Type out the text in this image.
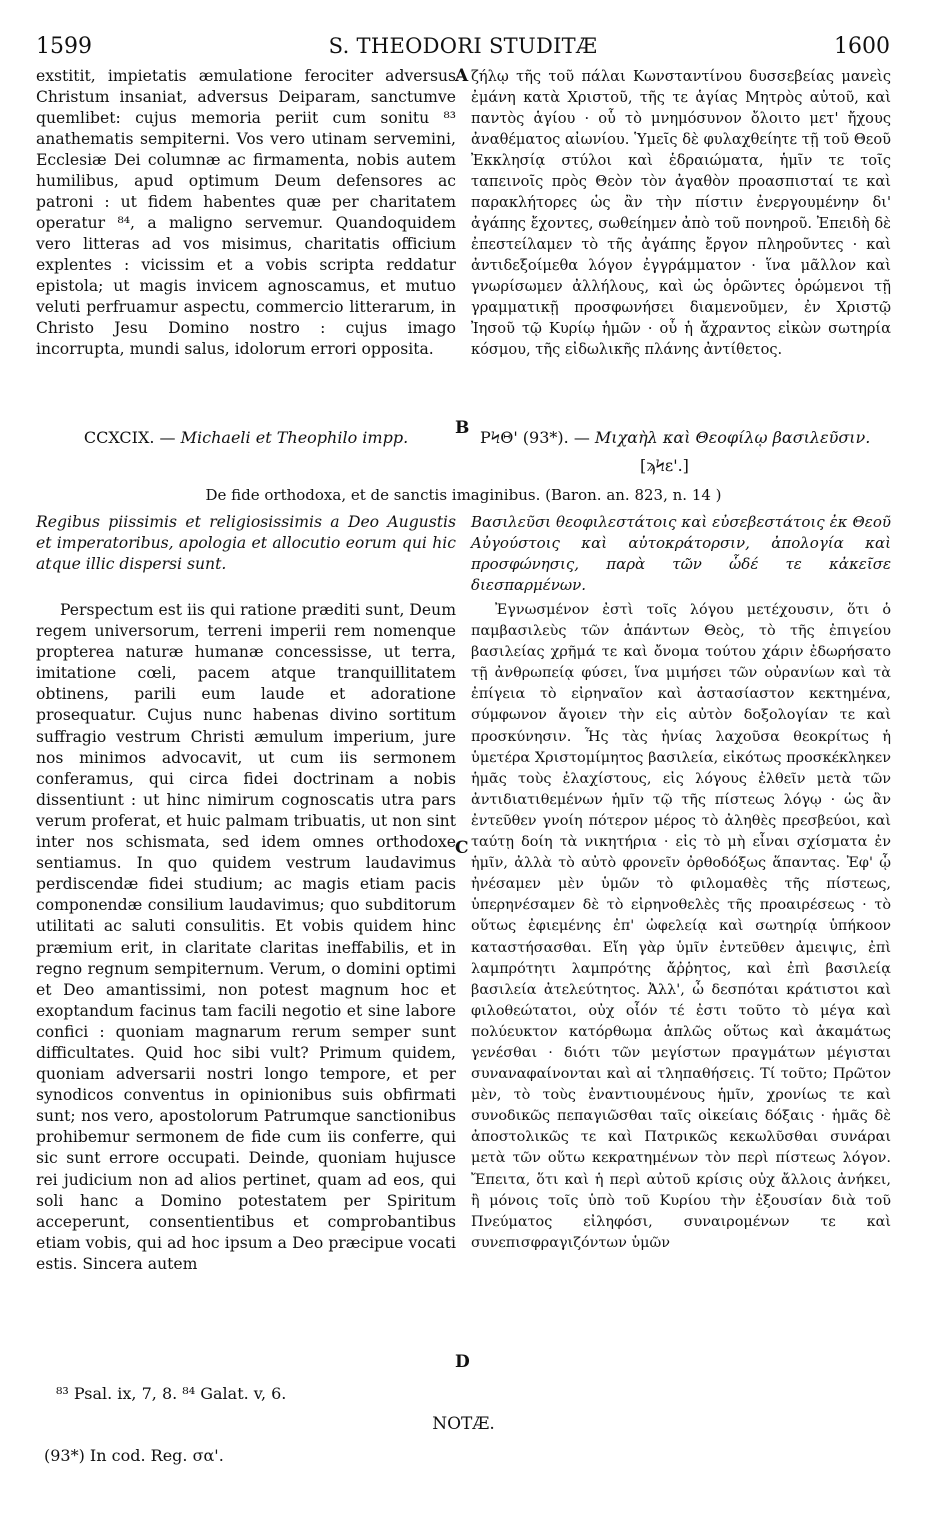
1599	S. THEODORI STUDITÆ	1600

exstitit, impietatis æmulatione ferociter adversus Christum insaniat, adversus Deiparam, sanctumve quemlibet: cujus memoria periit cum sonitu ⁸³ anathematis sempiterni. Vos vero utinam servemini, Ecclesiæ Dei columnæ ac firmamenta, nobis autem humilibus, apud optimum Deum defensores ac patroni : ut fidem habentes quæ per charitatem operatur ⁸⁴, a maligno servemur. Quandoquidem vero litteras ad vos misimus, charitatis officium explentes : vicissim et a vobis scripta reddatur epistola; ut magis invicem agnoscamus, et mutuo veluti perfruamur aspectu, commercio litterarum, in Christo Jesu Domino nostro : cujus imago incorrupta, mundi salus, idolorum errori opposita.

ζήλῳ τῆς τοῦ πάλαι Κωνσταντίνου δυσσεβείας μανεὶς ἐμάνη κατὰ Χριστοῦ, τῆς τε ἁγίας Μητρὸς αὐτοῦ, καὶ παντὸς ἁγίου · οὗ τὸ μνημόσυνον ὄλοιτο μετ' ἤχους ἀναθέματος αἰωνίου. Ὑμεῖς δὲ φυλαχθείητε τῇ τοῦ Θεοῦ Ἐκκλησίᾳ στύλοι καὶ ἑδραιώματα, ἡμῖν τε τοῖς ταπεινοῖς πρὸς Θεὸν τὸν ἀγαθὸν προασπισταί τε καὶ παρακλήτορες ὡς ἂν τὴν πίστιν ἐνεργουμένην δι' ἀγάπης ἔχοντες, σωθείημεν ἀπὸ τοῦ πονηροῦ. Ἐπειδὴ δὲ ἐπεστείλαμεν τὸ τῆς ἀγάπης ἔργον πληροῦντες · καὶ ἀντιδεξοίμεθα λόγον ἐγγράμματον · ἵνα μᾶλλον καὶ γνωρίσωμεν ἀλλήλους, καὶ ὡς ὁρῶντες ὁρώμενοι τῇ γραμματικῇ προσφωνήσει διαμενοῦμεν, ἐν Χριστῷ Ἰησοῦ τῷ Κυρίῳ ἡμῶν · οὗ ἡ ἄχραντος εἰκὼν σωτηρία κόσμου, τῆς εἰδωλικῆς πλάνης ἀντίθετος.

A
B
C
D
CCXCIX. — Michaeli et Theophilo impp.	ΡϞΘ' (93*). — Μιχαὴλ καὶ Θεοφίλῳ βασιλεῦσιν.
[ϡϞε'.]
De fide orthodoxa, et de sanctis imaginibus. (Baron. an. 823, n. 14 )

Regibus piissimis et religiosissimis a Deo Augustis et imperatoribus, apologia et allocutio eorum qui hic atque illic dispersi sunt.

Βασιλεῦσι θεοφιλεστάτοις καὶ εὐσεβεστάτοις ἐκ Θεοῦ Αὐγούστοις καὶ αὐτοκράτορσιν, ἀπολογία καὶ προσφώνησις, παρὰ τῶν ὧδέ τε κἀκεῖσε διεσπαρμένων.

Perspectum est iis qui ratione præditi sunt, Deum regem universorum, terreni imperii rem nomenque propterea naturæ humanæ concessisse, ut terra, imitatione cœli, pacem atque tranquillitatem obtinens, parili eum laude et adoratione prosequatur. Cujus nunc habenas divino sortitum suffragio vestrum Christi æmulum imperium, jure nos minimos advocavit, ut cum iis sermonem conferamus, qui circa fidei doctrinam a nobis dissentiunt : ut hinc nimirum cognoscatis utra pars verum proferat, et huic palmam tribuatis, ut non sint inter nos schismata, sed idem omnes orthodoxe sentiamus. In quo quidem vestrum laudavimus perdiscendæ fidei studium; ac magis etiam pacis componendæ consilium laudavimus; quo subditorum utilitati ac saluti consulitis. Et vobis quidem hinc præmium erit, in claritate claritas ineffabilis, et in regno regnum sempiternum. Verum, o domini optimi et Deo amantissimi, non potest magnum hoc et exoptandum facinus tam facili negotio et sine labore confici : quoniam magnarum rerum semper sunt difficultates. Quid hoc sibi vult? Primum quidem, quoniam adversarii nostri longo tempore, et per synodicos conventus in opinionibus suis obfirmati sunt; nos vero, apostolorum Patrumque sanctionibus prohibemur sermonem de fide cum iis conferre, qui sic sunt errore occupati. Deinde, quoniam hujusce rei judicium non ad alios pertinet, quam ad eos, qui soli hanc a Domino potestatem per Spiritum acceperunt, consentientibus et comprobantibus etiam vobis, qui ad hoc ipsum a Deo præcipue vocati estis. Sincera autem

Ἐγνωσμένον ἐστὶ τοῖς λόγου μετέχουσιν, ὅτι ὁ παμβασιλεὺς τῶν ἁπάντων Θεὸς, τὸ τῆς ἐπιγείου βασιλείας χρῆμά τε καὶ ὄνομα τούτου χάριν ἐδωρήσατο τῇ ἀνθρωπείᾳ φύσει, ἵνα μιμήσει τῶν οὐρανίων καὶ τὰ ἐπίγεια τὸ εἰρηναῖον καὶ ἀστασίαστον κεκτημένα, σύμφωνον ἄγοιεν τὴν εἰς αὐτὸν δοξολογίαν τε καὶ προσκύνησιν. Ἧς τὰς ἡνίας λαχοῦσα θεοκρίτως ἡ ὑμετέρα Χριστομίμητος βασιλεία, εἰκότως προσκέκληκεν ἡμᾶς τοὺς ἐλαχίστους, εἰς λόγους ἐλθεῖν μετὰ τῶν ἀντιδιατιθεμένων ἡμῖν τῷ τῆς πίστεως λόγῳ · ὡς ἂν ἐντεῦθεν γνοίη πότερον μέρος τὸ ἀληθὲς πρεσβεύοι, καὶ ταύτῃ δοίη τὰ νικητήρια · εἰς τὸ μὴ εἶναι σχίσματα ἐν ἡμῖν, ἀλλὰ τὸ αὐτὸ φρονεῖν ὀρθοδόξως ἅπαντας. Ἐφ' ᾧ ἠνέσαμεν μὲν ὑμῶν τὸ φιλομαθὲς τῆς πίστεως, ὑπερηνέσαμεν δὲ τὸ εἰρηνοθελὲς τῆς προαιρέσεως · τὸ οὕτως ἐφιεμένης ἐπ' ὠφελείᾳ καὶ σωτηρίᾳ ὑπήκοον καταστήσασθαι. Εἴη γὰρ ὑμῖν ἐντεῦθεν ἀμειψις, ἐπὶ λαμπρότητι λαμπρότης ἄῤῥητος, καὶ ἐπὶ βασιλείᾳ βασιλεία ἀτελεύτητος. Ἀλλ', ὦ δεσπόται κράτιστοι καὶ φιλοθεώτατοι, οὐχ οἷόν τέ ἐστι τοῦτο τὸ μέγα καὶ πολύευκτον κατόρθωμα ἁπλῶς οὕτως καὶ ἀκαμάτως γενέσθαι · διότι τῶν μεγίστων πραγμάτων μέγισται συναναφαίνονται καὶ αἱ τληπαθήσεις. Τί τοῦτο; Πρῶτον μὲν, τὸ τοὺς ἐναντιουμένους ἡμῖν, χρονίως τε καὶ συνοδικῶς πεπαγιῶσθαι ταῖς οἰκείαις δόξαις · ἡμᾶς δὲ ἀποστολικῶς τε καὶ Πατρικῶς κεκωλῦσθαι συνάραι μετὰ τῶν οὕτω κεκρατημένων τὸν περὶ πίστεως λόγον. Ἔπειτα, ὅτι καὶ ἡ περὶ αὐτοῦ κρίσις οὐχ ἄλλοις ἀνήκει, ἢ μόνοις τοῖς ὑπὸ τοῦ Κυρίου τὴν ἐξουσίαν διὰ τοῦ Πνεύματος εἰληφόσι, συναιρομένων τε καὶ συνεπισφραγιζόντων ὑμῶν

⁸³ Psal. ix, 7, 8. ⁸⁴ Galat. v, 6.
NOTÆ.
(93*) In cod. Reg. σα'.
